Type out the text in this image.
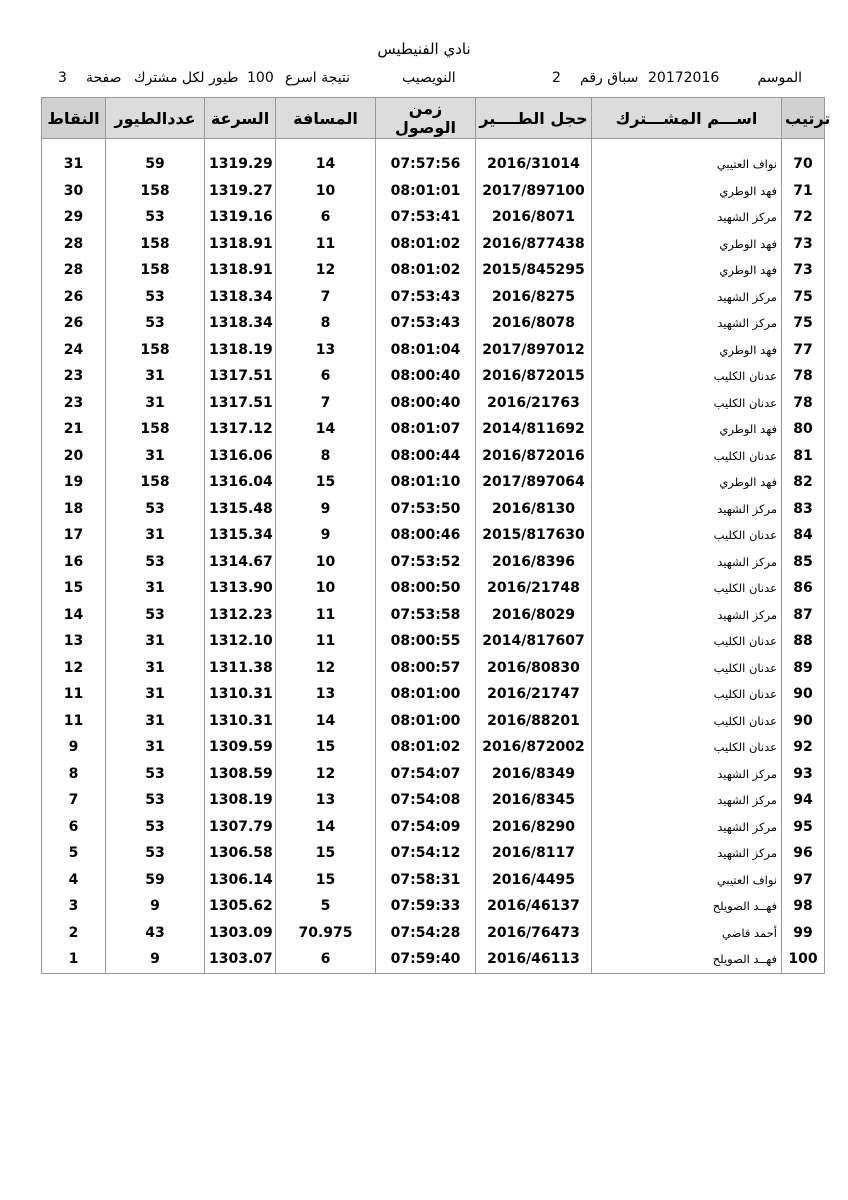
نادي الفنيطيس
الموسم
20172016
سباق رقم
2
النويصيب
نتيجة اسرع
100
طيور لكل مشترك
صفحة
3
النقاط	عددالطيور	السرعة	المسافة	زمن الوصول	حجل الطــــير	اســـم المشـــترك	ترتيب

31	59	1319.29	14	07:57:56	2016/31014	نواف العتيبي	70
30	158	1319.27	10	08:01:01	2017/897100	فهد الوطري	71
29	53	1319.16	6	07:53:41	2016/8071	مركز الشهيد	72
28	158	1318.91	11	08:01:02	2016/877438	فهد الوطري	73
28	158	1318.91	12	08:01:02	2015/845295	فهد الوطري	73
26	53	1318.34	7	07:53:43	2016/8275	مركز الشهيد	75
26	53	1318.34	8	07:53:43	2016/8078	مركز الشهيد	75
24	158	1318.19	13	08:01:04	2017/897012	فهد الوطري	77
23	31	1317.51	6	08:00:40	2016/872015	عدنان الكليب	78
23	31	1317.51	7	08:00:40	2016/21763	عدنان الكليب	78
21	158	1317.12	14	08:01:07	2014/811692	فهد الوطري	80
20	31	1316.06	8	08:00:44	2016/872016	عدنان الكليب	81
19	158	1316.04	15	08:01:10	2017/897064	فهد الوطري	82
18	53	1315.48	9	07:53:50	2016/8130	مركز الشهيد	83
17	31	1315.34	9	08:00:46	2015/817630	عدنان الكليب	84
16	53	1314.67	10	07:53:52	2016/8396	مركز الشهيد	85
15	31	1313.90	10	08:00:50	2016/21748	عدنان الكليب	86
14	53	1312.23	11	07:53:58	2016/8029	مركز الشهيد	87
13	31	1312.10	11	08:00:55	2014/817607	عدنان الكليب	88
12	31	1311.38	12	08:00:57	2016/80830	عدنان الكليب	89
11	31	1310.31	13	08:01:00	2016/21747	عدنان الكليب	90
11	31	1310.31	14	08:01:00	2016/88201	عدنان الكليب	90
9	31	1309.59	15	08:01:02	2016/872002	عدنان الكليب	92
8	53	1308.59	12	07:54:07	2016/8349	مركز الشهيد	93
7	53	1308.19	13	07:54:08	2016/8345	مركز الشهيد	94
6	53	1307.79	14	07:54:09	2016/8290	مركز الشهيد	95
5	53	1306.58	15	07:54:12	2016/8117	مركز الشهيد	96
4	59	1306.14	15	07:58:31	2016/4495	نواف العتيبي	97
3	9	1305.62	5	07:59:33	2016/46137	فهــد الصويلح	98
2	43	1303.09	70.975	07:54:28	2016/76473	أحمد قاضي	99
1	9	1303.07	6	07:59:40	2016/46113	فهــد الصويلح	100
